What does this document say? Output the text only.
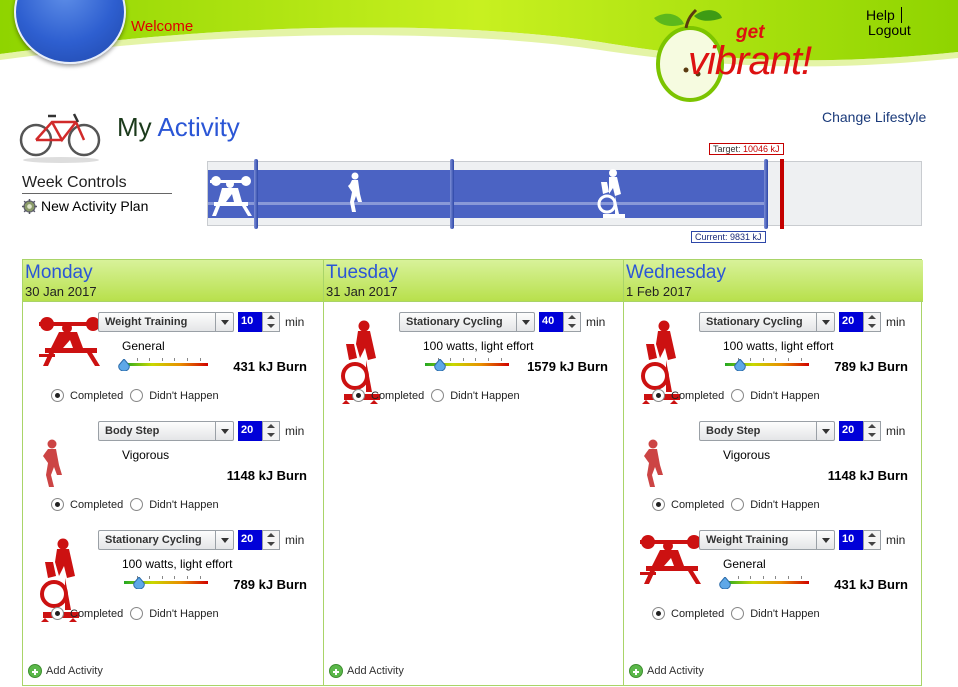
Welcome
Help
Logout
get
vibrant!
Change Lifestyle
My Activity
Week Controls
New Activity Plan
Target: 10046 kJ
Current: 9831 kJ
Monday
30 Jan 2017
Weight Training	10	min
General
431 kJ Burn
Completed Didn't Happen
Body Step	20	min
Vigorous
1148 kJ Burn
Completed Didn't Happen
Stationary Cycling	20	min
100 watts, light effort
789 kJ Burn
Completed Didn't Happen
Add Activity
Tuesday
31 Jan 2017
Stationary Cycling	40	min
100 watts, light effort
1579 kJ Burn
Completed Didn't Happen
Add Activity
Wednesday
1 Feb 2017
Stationary Cycling	20	min
100 watts, light effort
789 kJ Burn
Completed Didn't Happen
Body Step	20	min
Vigorous
1148 kJ Burn
Completed Didn't Happen
Weight Training	10	min
General
431 kJ Burn
Completed Didn't Happen
Add Activity
